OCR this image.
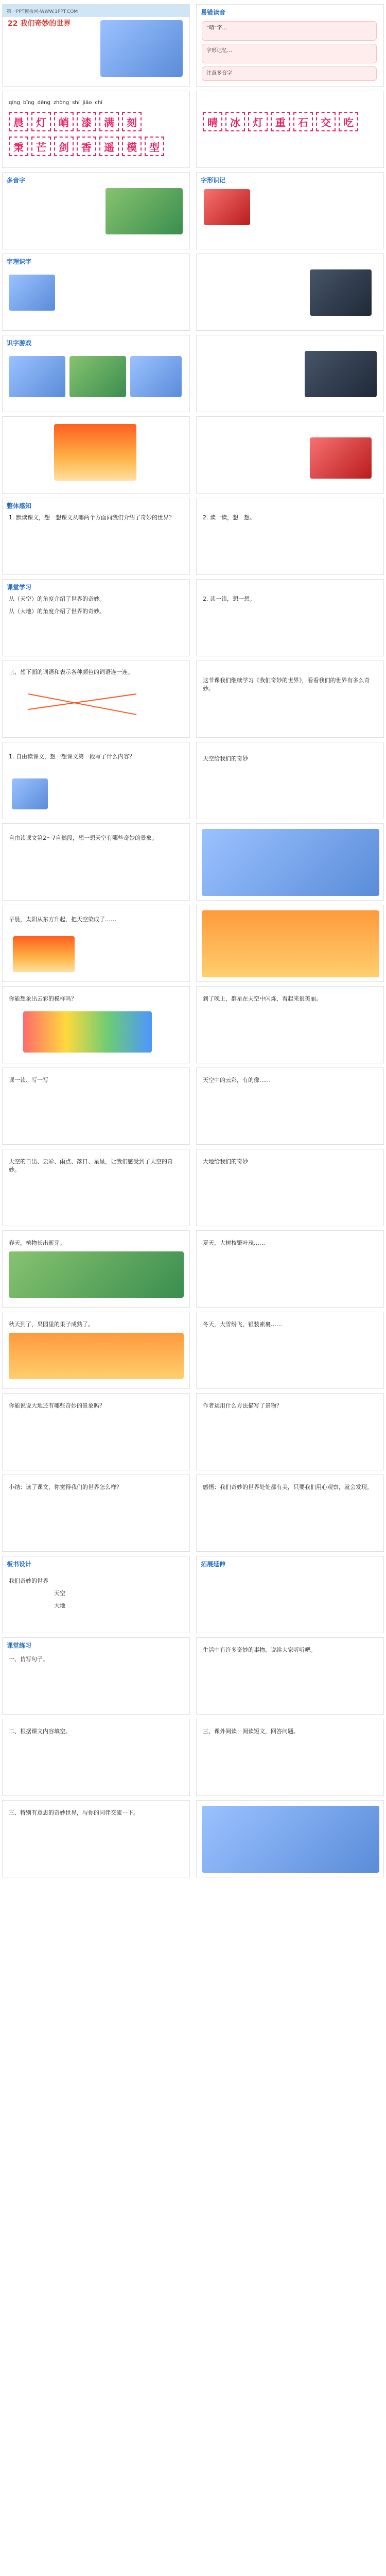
第一PPT模板网-WWW.1PPT.COM
22 我们奇妙的世界
易错读音
“晴”字…
字形记忆…
注意多音字
qíng bīng dēng zhòng shí jiāo chī
晨	灯	峭	漆	满	刻
秉	芒	剑	香	遥	模	型
晴	冰	灯	重	石	交	吃
多音字	字形识记
字理识字
识字游戏
整体感知
1. 默读课文，想一想课文从哪两个方面向我们介绍了奇妙的世界？	2. 读一读，想一想。
课堂学习
从（天空）的角度介绍了世界的奇妙。
从（大地）的角度介绍了世界的奇妙。
2. 读一读，想一想。
三、想下面的词语和表示各种颜色的词语连一连。
这节课我们继续学习《我们奇妙的世界》，看看我们的世界有多么奇妙。
1. 自由读课文，想一想课文第一段写了什么内容？	天空给我们的奇妙
自由读课文第2～7自然段，想一想天空有哪些奇妙的景象。
早晨，太阳从东方升起，把天空染成了……
你能想象出云彩的模样吗？	到了晚上，群星在天空中闪烁，看起来很美丽。
课一读、写一写	天空中的云彩，有的像……
天空的日出、云彩、雨点、落日、星星，让我们感受到了天空的奇妙。
大地给我们的奇妙
春天，植物长出新芽。	夏天，大树枝繁叶茂……
秋天到了，果园里的果子成熟了。	冬天，大雪纷飞，银装素裹……
你能说说大地还有哪些奇妙的景象吗？	作者运用什么方法描写了景物？
小结：读了课文，你觉得我们的世界怎么样？	感悟：我们奇妙的世界处处都有美，只要我们用心观察，就会发现。
板书设计
我们奇妙的世界
天空
大地
拓展延伸
课堂练习
一、仿写句子。
生活中有许多奇妙的事物，说给大家听听吧。
二、根据课文内容填空。	三、课外阅读：阅读短文，回答问题。
三、特别有意思的奇妙世界，与你的同伴交流一下。
